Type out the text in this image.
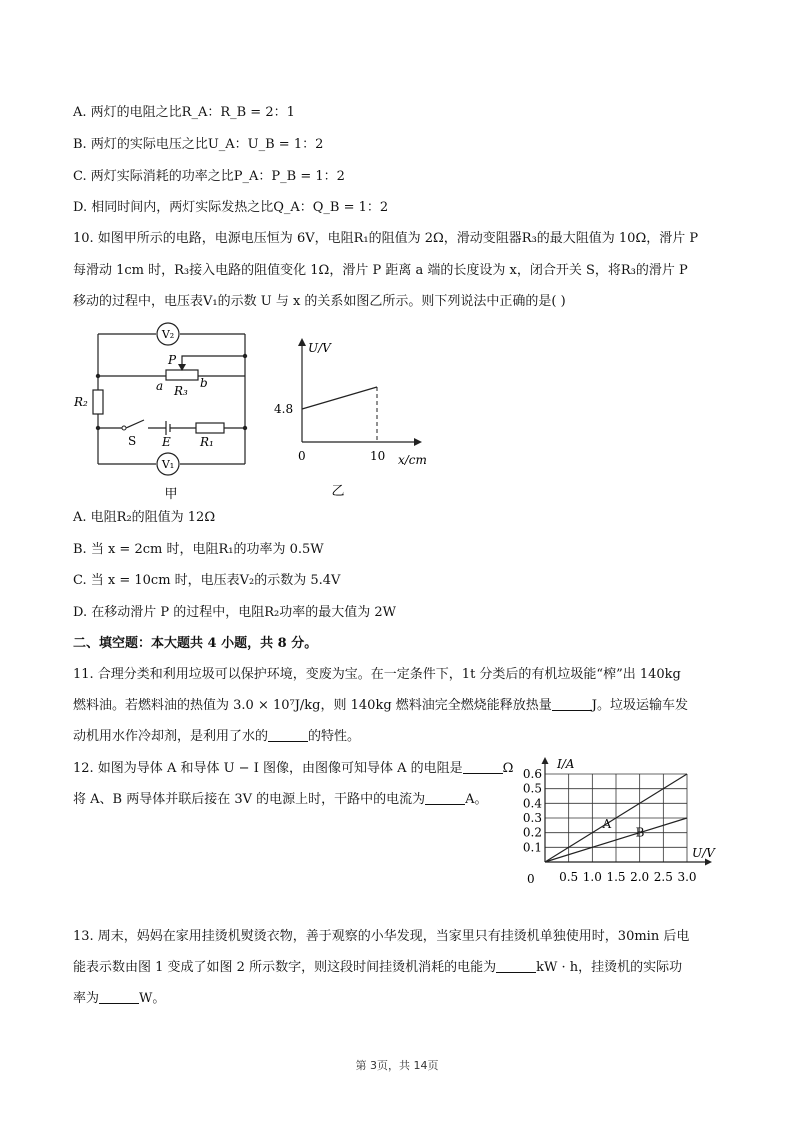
A. 两灯的电阻之比R_A：R_B = 2：1
B. 两灯的实际电压之比U_A：U_B = 1：2
C. 两灯实际消耗的功率之比P_A：P_B = 1：2
D. 相同时间内，两灯实际发热之比Q_A：Q_B = 1：2
10. 如图甲所示的电路，电源电压恒为 6V，电阻R₁的阻值为 2Ω，滑动变阻器R₃的最大阻值为 10Ω，滑片 P
每滑动 1cm 时，R₃接入电路的阻值变化 1Ω，滑片 P 距离 a 端的长度设为 x，闭合开关 S，将R₃的滑片 P
移动的过程中，电压表V₁的示数 U 与 x 的关系如图乙所示。则下列说法中正确的是( )
V₂
V₁
P
a	b
R₃
R₂
S E R₁
甲
U/V
x/cm
4.8
0	10
乙
A. 电阻R₂的阻值为 12Ω
B. 当 x = 2cm 时，电阻R₁的功率为 0.5W
C. 当 x = 10cm 时，电压表V₂的示数为 5.4V
D. 在移动滑片 P 的过程中，电阻R₂功率的最大值为 2W
二、填空题：本大题共 4 小题，共 8 分。
11. 合理分类和利用垃圾可以保护环境，变废为宝。在一定条件下，1t 分类后的有机垃圾能“榨”出 140kg
燃料油。若燃料油的热值为 3.0 × 10⁷J/kg，则 140kg 燃料油完全燃烧能释放热量	J。垃圾运输车发
动机用水作冷却剂，是利用了水的	的特性。
12. 如图为导体 A 和导体 U − I 图像，由图像可知导体 A 的电阻是	Ω
将 A、B 两导体并联后接在 3V 的电源上时，干路中的电流为	A。
0.5 1.0 1.5 2.0 2.5 3.0
0.1
0.2
0.3
0.4
0.5
0.6
0
I/A
U/V
A
B
13. 周末，妈妈在家用挂烫机熨烫衣物，善于观察的小华发现，当家里只有挂烫机单独使用时，30min 后电
能表示数由图 1 变成了如图 2 所示数字，则这段时间挂烫机消耗的电能为	kW · h，挂烫机的实际功
率为	W。
第 3页，共 14页
